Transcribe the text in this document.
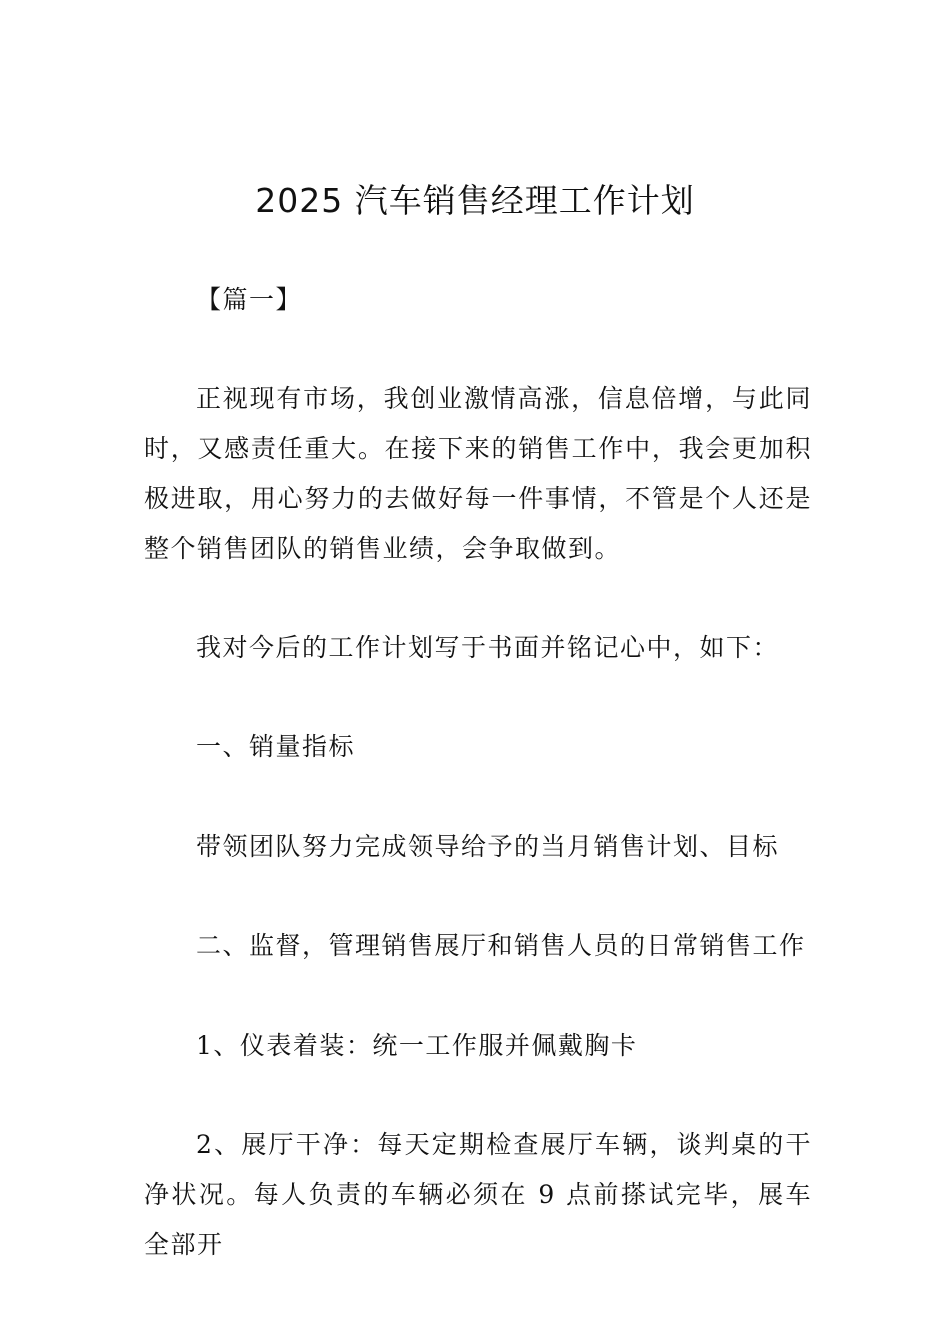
2025 汽车销售经理工作计划

【篇一】

正视现有市场，我创业激情高涨，信息倍增，与此同时，又感责任重大。在接下来的销售工作中，我会更加积极进取，用心努力的去做好每一件事情，不管是个人还是整个销售团队的销售业绩，会争取做到。

我对今后的工作计划写于书面并铭记心中，如下：

一、销量指标

带领团队努力完成领导给予的当月销售计划、目标

二、监督，管理销售展厅和销售人员的日常销售工作

1、仪表着装：统一工作服并佩戴胸卡

2、展厅干净：每天定期检查展厅车辆，谈判桌的干净状况。每人负责的车辆必须在 9 点前搽试完毕，展车全部开
